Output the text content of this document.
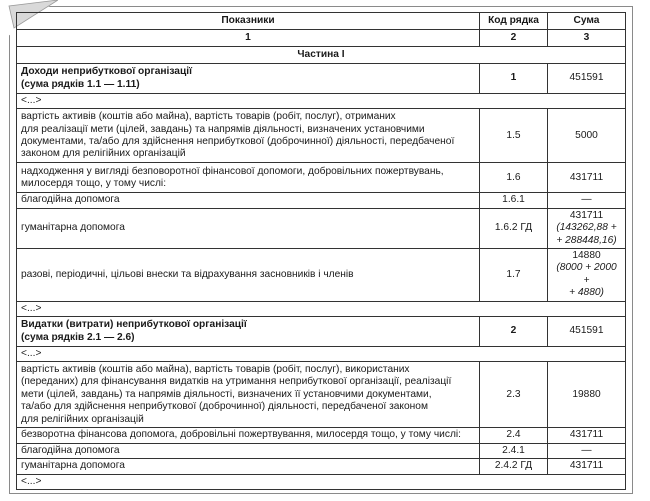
Показники	Код рядка	Сума
1	2	3
Частина І		

Доходи неприбуткової організації
(сума рядків 1.1 — 1.11)	1	451591
<...>		

вартість активів (коштів або майна), вартість товарів (робіт, послуг), отриманих
для реалізації мети (цілей, завдань) та напрямів діяльності, визначених установчими
документами, та/або для здійснення неприбуткової (доброчинної) діяльності, передбаченої
законом для релігійних організацій	1.5	5000

надходження у вигляді безповоротної фінансової допомоги, добровільних пожертвувань,
милосердя тощо, у тому числі:	1.6	431711
благодійна допомога	1.6.1	—
гуманітарна допомога	1.6.2 ГД	431711
(143262,88 +
+ 288448,16)

разові, періодичні, цільові внески та відрахування засновників і членів	1.7	14880
(8000 + 2000 +
+ 4880)

<...>		

Видатки (витрати) неприбуткової організації
(сума рядків 2.1 — 2.6)	2	451591
<...>		

вартість активів (коштів або майна), вартість товарів (робіт, послуг), використаних
(переданих) для фінансування видатків на утримання неприбуткової організації, реалізації
мети (цілей, завдань) та напрямів діяльності, визначених її установчими документами,
та/або для здійснення неприбуткової (доброчинної) діяльності, передбаченої законом
для релігійних організацій	2.3	19880
безворотна фінансова допомога, добровільні пожертвування, милосердя тощо, у тому числі:	2.4	431711
благодійна допомога	2.4.1	—
гуманітарна допомога	2.4.2 ГД	431711
<...>		
